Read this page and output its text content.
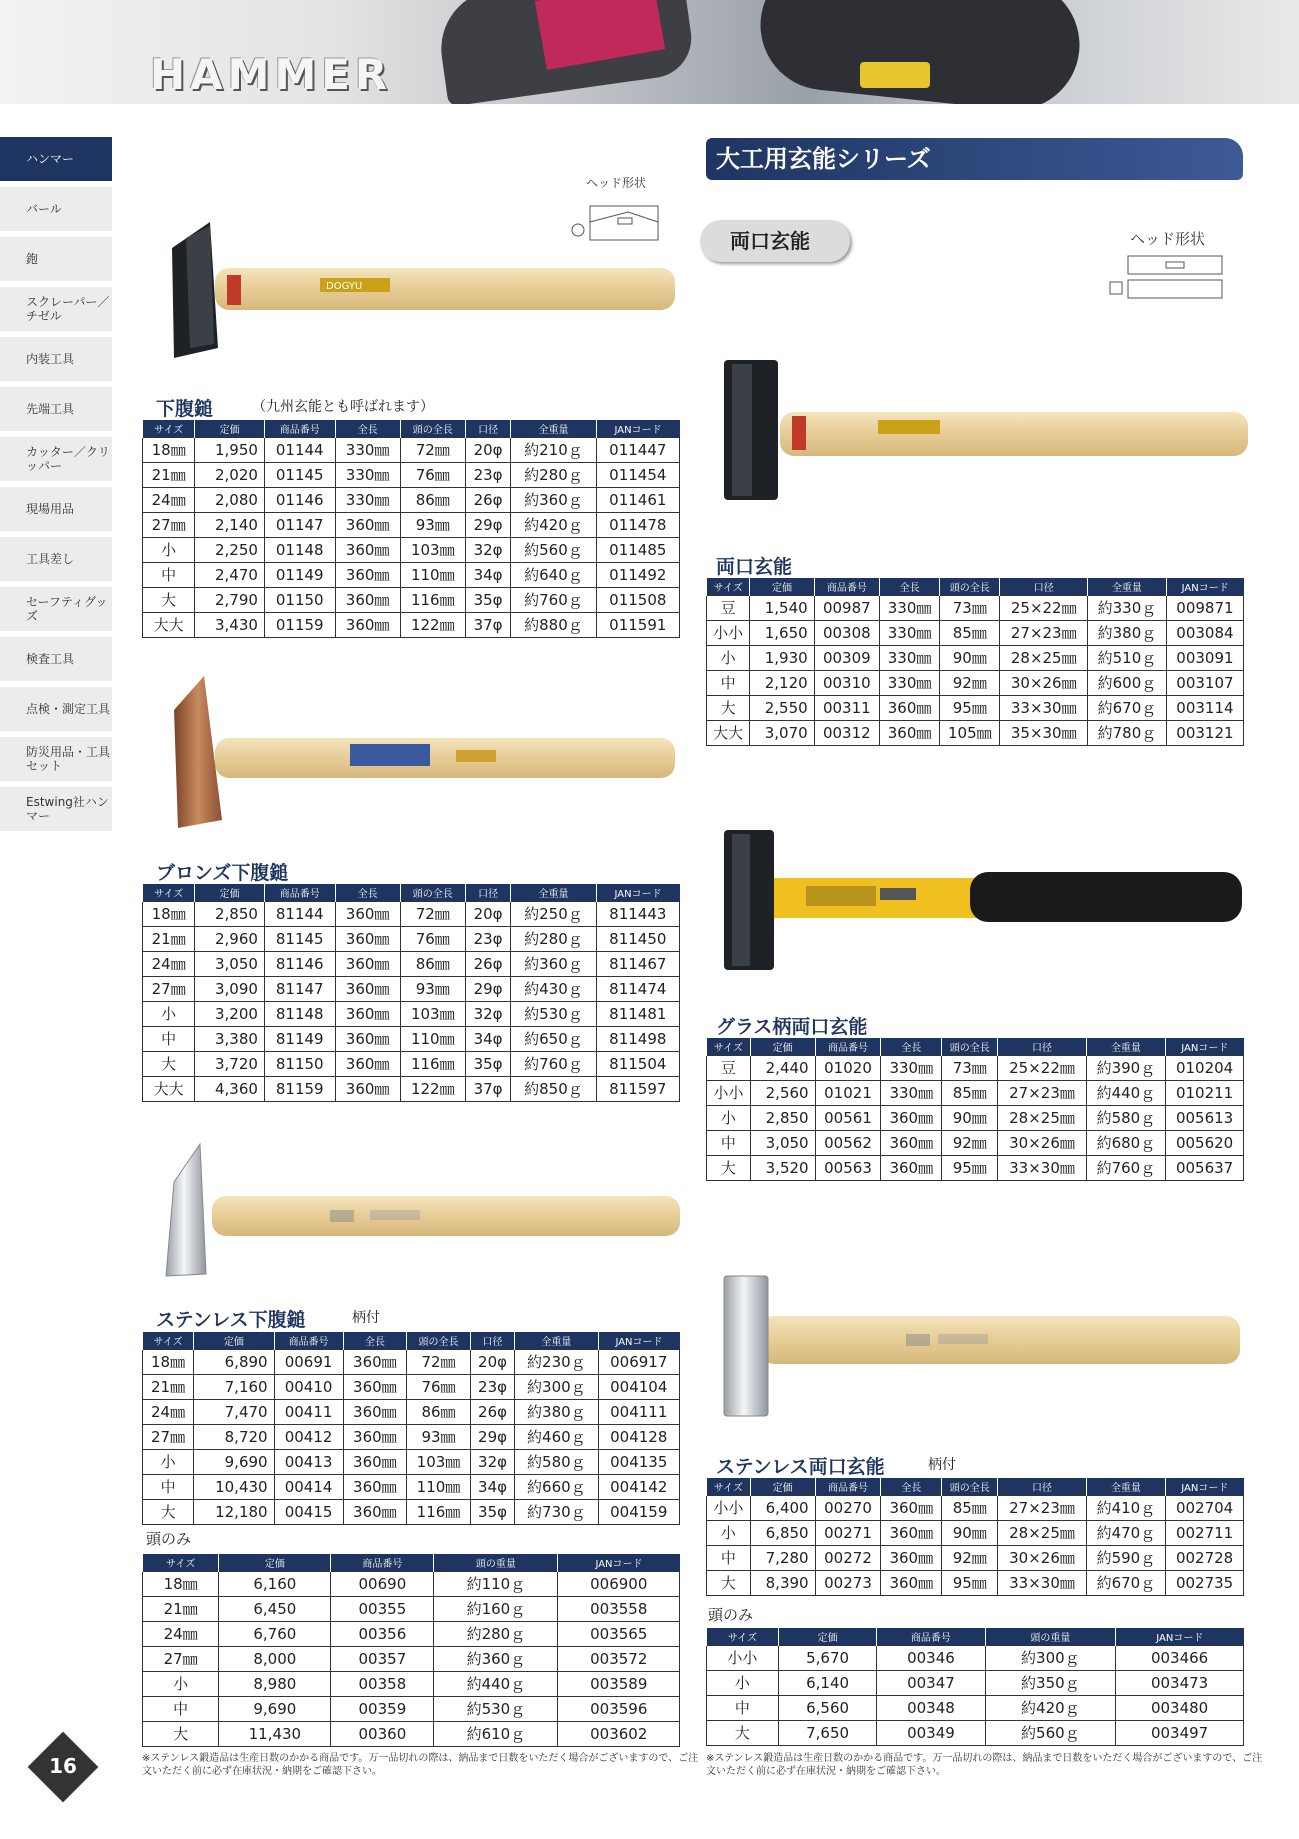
HAMMER
ハンマー
バール
鉋
スクレーパー／チゼル
内装工具
先端工具
カッター／クリッパー
現場用品
工具差し
セーフティグッズ
検査工具
点検・測定工具
防災用品・工具セット
Estwing社ハンマー
16
ヘッド形状
DOGYU
下腹鎚	（九州玄能とも呼ばれます）
サイズ	定価	商品番号	全長	頭の全長	口径	全重量	JANコード
18㎜	1,950	01144	330㎜	72㎜	20φ	約210ｇ	011447
21㎜	2,020	01145	330㎜	76㎜	23φ	約280ｇ	011454
24㎜	2,080	01146	330㎜	86㎜	26φ	約360ｇ	011461
27㎜	2,140	01147	360㎜	93㎜	29φ	約420ｇ	011478
小	2,250	01148	360㎜	103㎜	32φ	約560ｇ	011485
中	2,470	01149	360㎜	110㎜	34φ	約640ｇ	011492
大	2,790	01150	360㎜	116㎜	35φ	約760ｇ	011508
大大	3,430	01159	360㎜	122㎜	37φ	約880ｇ	011591
ブロンズ下腹鎚
サイズ	定価	商品番号	全長	頭の全長	口径	全重量	JANコード
18㎜	2,850	81144	360㎜	72㎜	20φ	約250ｇ	811443
21㎜	2,960	81145	360㎜	76㎜	23φ	約280ｇ	811450
24㎜	3,050	81146	360㎜	86㎜	26φ	約360ｇ	811467
27㎜	3,090	81147	360㎜	93㎜	29φ	約430ｇ	811474
小	3,200	81148	360㎜	103㎜	32φ	約530ｇ	811481
中	3,380	81149	360㎜	110㎜	34φ	約650ｇ	811498
大	3,720	81150	360㎜	116㎜	35φ	約760ｇ	811504
大大	4,360	81159	360㎜	122㎜	37φ	約850ｇ	811597
ステンレス下腹鎚	柄付
サイズ	定価	商品番号	全長	頭の全長	口径	全重量	JANコード
18㎜	6,890	00691	360㎜	72㎜	20φ	約230ｇ	006917
21㎜	7,160	00410	360㎜	76㎜	23φ	約300ｇ	004104
24㎜	7,470	00411	360㎜	86㎜	26φ	約380ｇ	004111
27㎜	8,720	00412	360㎜	93㎜	29φ	約460ｇ	004128
小	9,690	00413	360㎜	103㎜	32φ	約580ｇ	004135
中	10,430	00414	360㎜	110㎜	34φ	約660ｇ	004142
大	12,180	00415	360㎜	116㎜	35φ	約730ｇ	004159
頭のみ
サイズ	定価	商品番号	頭の重量	JANコード
18㎜	6,160	00690	約110ｇ	006900
21㎜	6,450	00355	約160ｇ	003558
24㎜	6,760	00356	約280ｇ	003565
27㎜	8,000	00357	約360ｇ	003572
小	8,980	00358	約440ｇ	003589
中	9,690	00359	約530ｇ	003596
大	11,430	00360	約610ｇ	003602
※ステンレス鍛造品は生産日数のかかる商品です。万一品切れの際は、納品まで日数をいただく場合がございますので、ご注文いただく前に必ず在庫状況・納期をご確認下さい。
大工用玄能シリーズ
両口玄能	ヘッド形状
両口玄能
サイズ	定価	商品番号	全長	頭の全長	口径	全重量	JANコード
豆	1,540	00987	330㎜	73㎜	25×22㎜	約330ｇ	009871
小小	1,650	00308	330㎜	85㎜	27×23㎜	約380ｇ	003084
小	1,930	00309	330㎜	90㎜	28×25㎜	約510ｇ	003091
中	2,120	00310	330㎜	92㎜	30×26㎜	約600ｇ	003107
大	2,550	00311	360㎜	95㎜	33×30㎜	約670ｇ	003114
大大	3,070	00312	360㎜	105㎜	35×30㎜	約780ｇ	003121
グラス柄両口玄能
サイズ	定価	商品番号	全長	頭の全長	口径	全重量	JANコード
豆	2,440	01020	330㎜	73㎜	25×22㎜	約390ｇ	010204
小小	2,560	01021	330㎜	85㎜	27×23㎜	約440ｇ	010211
小	2,850	00561	360㎜	90㎜	28×25㎜	約580ｇ	005613
中	3,050	00562	360㎜	92㎜	30×26㎜	約680ｇ	005620
大	3,520	00563	360㎜	95㎜	33×30㎜	約760ｇ	005637
ステンレス両口玄能	柄付
サイズ	定価	商品番号	全長	頭の全長	口径	全重量	JANコード
小小	6,400	00270	360㎜	85㎜	27×23㎜	約410ｇ	002704
小	6,850	00271	360㎜	90㎜	28×25㎜	約470ｇ	002711
中	7,280	00272	360㎜	92㎜	30×26㎜	約590ｇ	002728
大	8,390	00273	360㎜	95㎜	33×30㎜	約670ｇ	002735
頭のみ
サイズ	定価	商品番号	頭の重量	JANコード
小小	5,670	00346	約300ｇ	003466
小	6,140	00347	約350ｇ	003473
中	6,560	00348	約420ｇ	003480
大	7,650	00349	約560ｇ	003497
※ステンレス鍛造品は生産日数のかかる商品です。万一品切れの際は、納品まで日数をいただく場合がございますので、ご注文いただく前に必ず在庫状況・納期をご確認下さい。
